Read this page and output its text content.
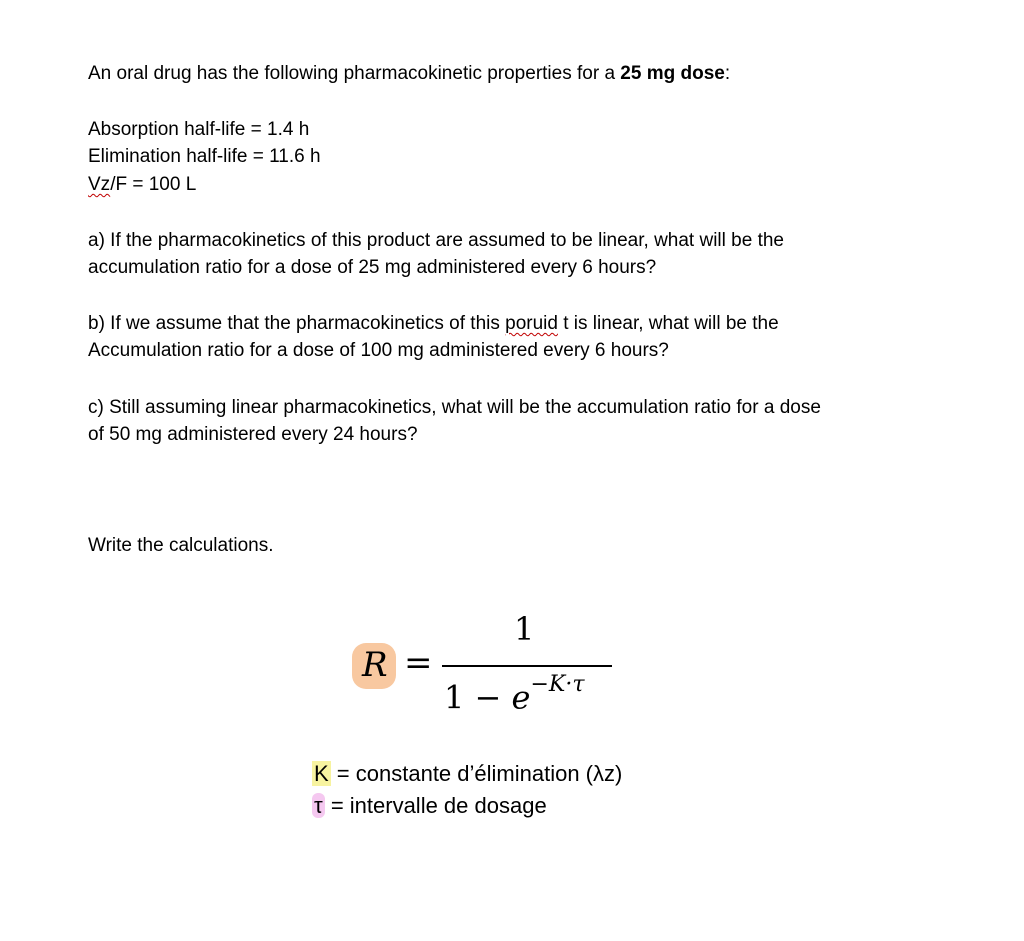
An oral drug has the following pharmacokinetic properties for a 25 mg dose:
Absorption half-life = 1.4 h
Elimination half-life = 11.6 h
Vz/F = 100 L
a) If the pharmacokinetics of this product are assumed to be linear, what will be the
accumulation ratio for a dose of 25 mg administered every 6 hours?
b) If we assume that the pharmacokinetics of this poruid t is linear, what will be the
Accumulation ratio for a dose of 100 mg administered every 6 hours?
c) Still assuming linear pharmacokinetics, what will be the accumulation ratio for a dose
of 50 mg administered every 24 hours?
Write the calculations.
R =
1
$1 - e^{-K\cdot\tau}$
K = constante d’élimination (λz)
τ = intervalle de dosage
